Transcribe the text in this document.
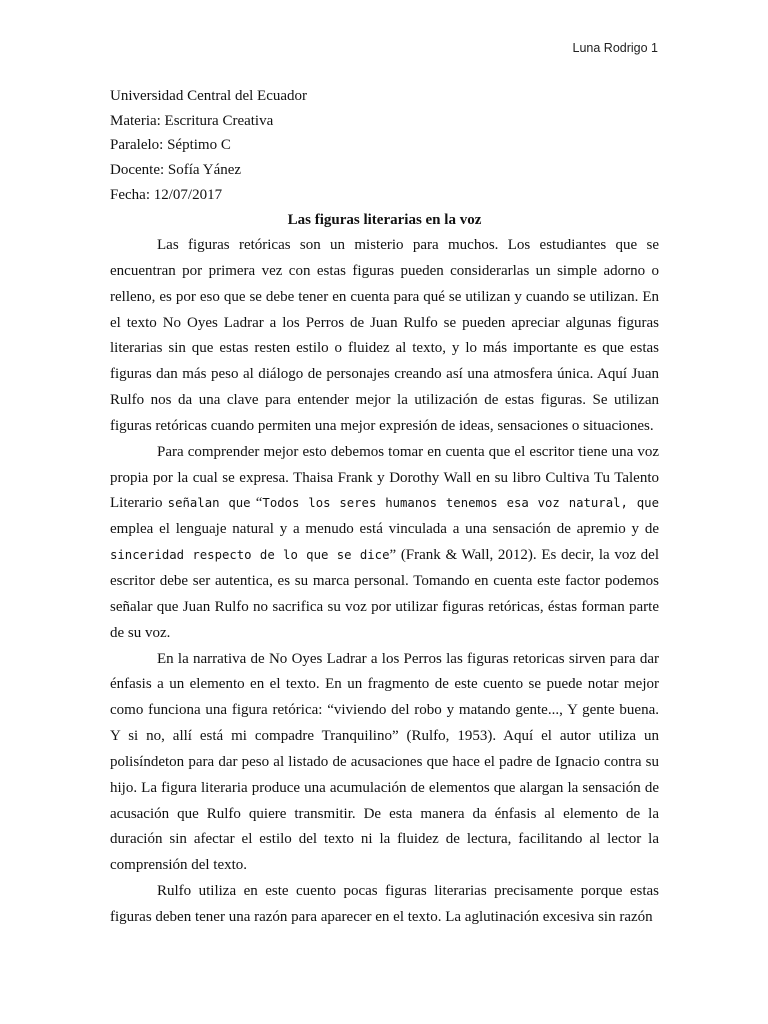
Luna Rodrigo 1
Universidad Central del Ecuador
Materia: Escritura Creativa
Paralelo: Séptimo C
Docente: Sofía Yánez
Fecha: 12/07/2017
Las figuras literarias en la voz

Las figuras retóricas son un misterio para muchos. Los estudiantes que se encuentran por primera vez con estas figuras pueden considerarlas un simple adorno o relleno, es por eso que se debe tener en cuenta para qué se utilizan y cuando se utilizan. En el texto No Oyes Ladrar a los Perros de Juan Rulfo se pueden apreciar algunas figuras literarias sin que estas resten estilo o fluidez al texto, y lo más importante es que estas figuras dan más peso al diálogo de personajes creando así una atmosfera única. Aquí Juan Rulfo nos da una clave para entender mejor la utilización de estas figuras. Se utilizan figuras retóricas cuando permiten una mejor expresión de ideas, sensaciones o situaciones.

Para comprender mejor esto debemos tomar en cuenta que el escritor tiene una voz propia por la cual se expresa. Thaisa Frank y Dorothy Wall en su libro Cultiva Tu Talento Literario señalan que “Todos los seres humanos tenemos esa voz natural, que emplea el lenguaje natural y a menudo está vinculada a una sensación de apremio y de sinceridad respecto de lo que se dice” (Frank & Wall, 2012). Es decir, la voz del escritor debe ser autentica, es su marca personal. Tomando en cuenta este factor podemos señalar que Juan Rulfo no sacrifica su voz por utilizar figuras retóricas, éstas forman parte de su voz.

En la narrativa de No Oyes Ladrar a los Perros las figuras retoricas sirven para dar énfasis a un elemento en el texto. En un fragmento de este cuento se puede notar mejor como funciona una figura retórica: “viviendo del robo y matando gente..., Y gente buena. Y si no, allí está mi compadre Tranquilino” (Rulfo, 1953). Aquí el autor utiliza un polisíndeton para dar peso al listado de acusaciones que hace el padre de Ignacio contra su hijo. La figura literaria produce una acumulación de elementos que alargan la sensación de acusación que Rulfo quiere transmitir. De esta manera da énfasis al elemento de la duración sin afectar el estilo del texto ni la fluidez de lectura, facilitando al lector la comprensión del texto.

Rulfo utiliza en este cuento pocas figuras literarias precisamente porque estas figuras deben tener una razón para aparecer en el texto. La aglutinación excesiva sin razón
